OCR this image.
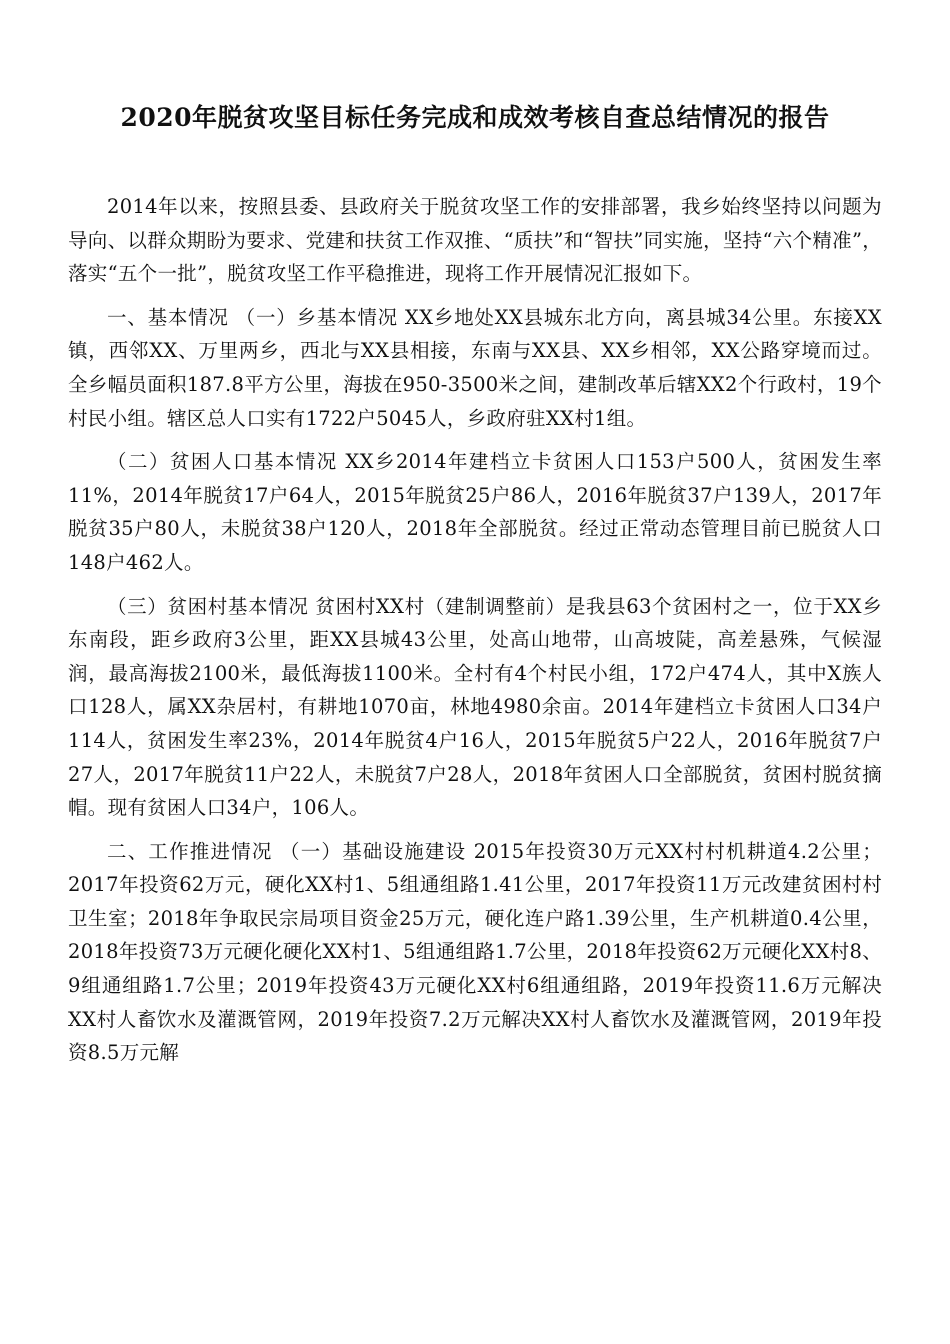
2020年脱贫攻坚目标任务完成和成效考核自查总结情况的报告

2014年以来，按照县委、县政府关于脱贫攻坚工作的安排部署，我乡始终坚持以问题为导向、以群众期盼为要求、党建和扶贫工作双推、“质扶”和“智扶”同实施，坚持“六个精准”，落实“五个一批”，脱贫攻坚工作平稳推进，现将工作开展情况汇报如下。

一、基本情况 （一）乡基本情况 XX乡地处XX县城东北方向，离县城34公里。东接XX镇，西邻XX、万里两乡，西北与XX县相接，东南与XX县、XX乡相邻，XX公路穿境而过。全乡幅员面积187.8平方公里，海拔在950-3500米之间，建制改革后辖XX2个行政村，19个村民小组。辖区总人口实有1722户5045人，乡政府驻XX村1组。

（二）贫困人口基本情况 XX乡2014年建档立卡贫困人口153户500人，贫困发生率11%，2014年脱贫17户64人，2015年脱贫25户86人，2016年脱贫37户139人，2017年脱贫35户80人，未脱贫38户120人，2018年全部脱贫。经过正常动态管理目前已脱贫人口148户462人。

（三）贫困村基本情况 贫困村XX村（建制调整前）是我县63个贫困村之一，位于XX乡东南段，距乡政府3公里，距XX县城43公里，处高山地带，山高坡陡，高差悬殊，气候湿润，最高海拔2100米，最低海拔1100米。全村有4个村民小组，172户474人，其中X族人口128人，属XX杂居村，有耕地1070亩，林地4980余亩。2014年建档立卡贫困人口34户114人，贫困发生率23%，2014年脱贫4户16人，2015年脱贫5户22人，2016年脱贫7户27人，2017年脱贫11户22人，未脱贫7户28人，2018年贫困人口全部脱贫，贫困村脱贫摘帽。现有贫困人口34户，106人。

二、工作推进情况 （一）基础设施建设 2015年投资30万元XX村村机耕道4.2公里；2017年投资62万元，硬化XX村1、5组通组路1.41公里，2017年投资11万元改建贫困村村卫生室；2018年争取民宗局项目资金25万元，硬化连户路1.39公里，生产机耕道0.4公里，2018年投资73万元硬化硬化XX村1、5组通组路1.7公里，2018年投资62万元硬化XX村8、9组通组路1.7公里；2019年投资43万元硬化XX村6组通组路，2019年投资11.6万元解决XX村人畜饮水及灌溉管网，2019年投资7.2万元解决XX村人畜饮水及灌溉管网，2019年投资8.5万元解
